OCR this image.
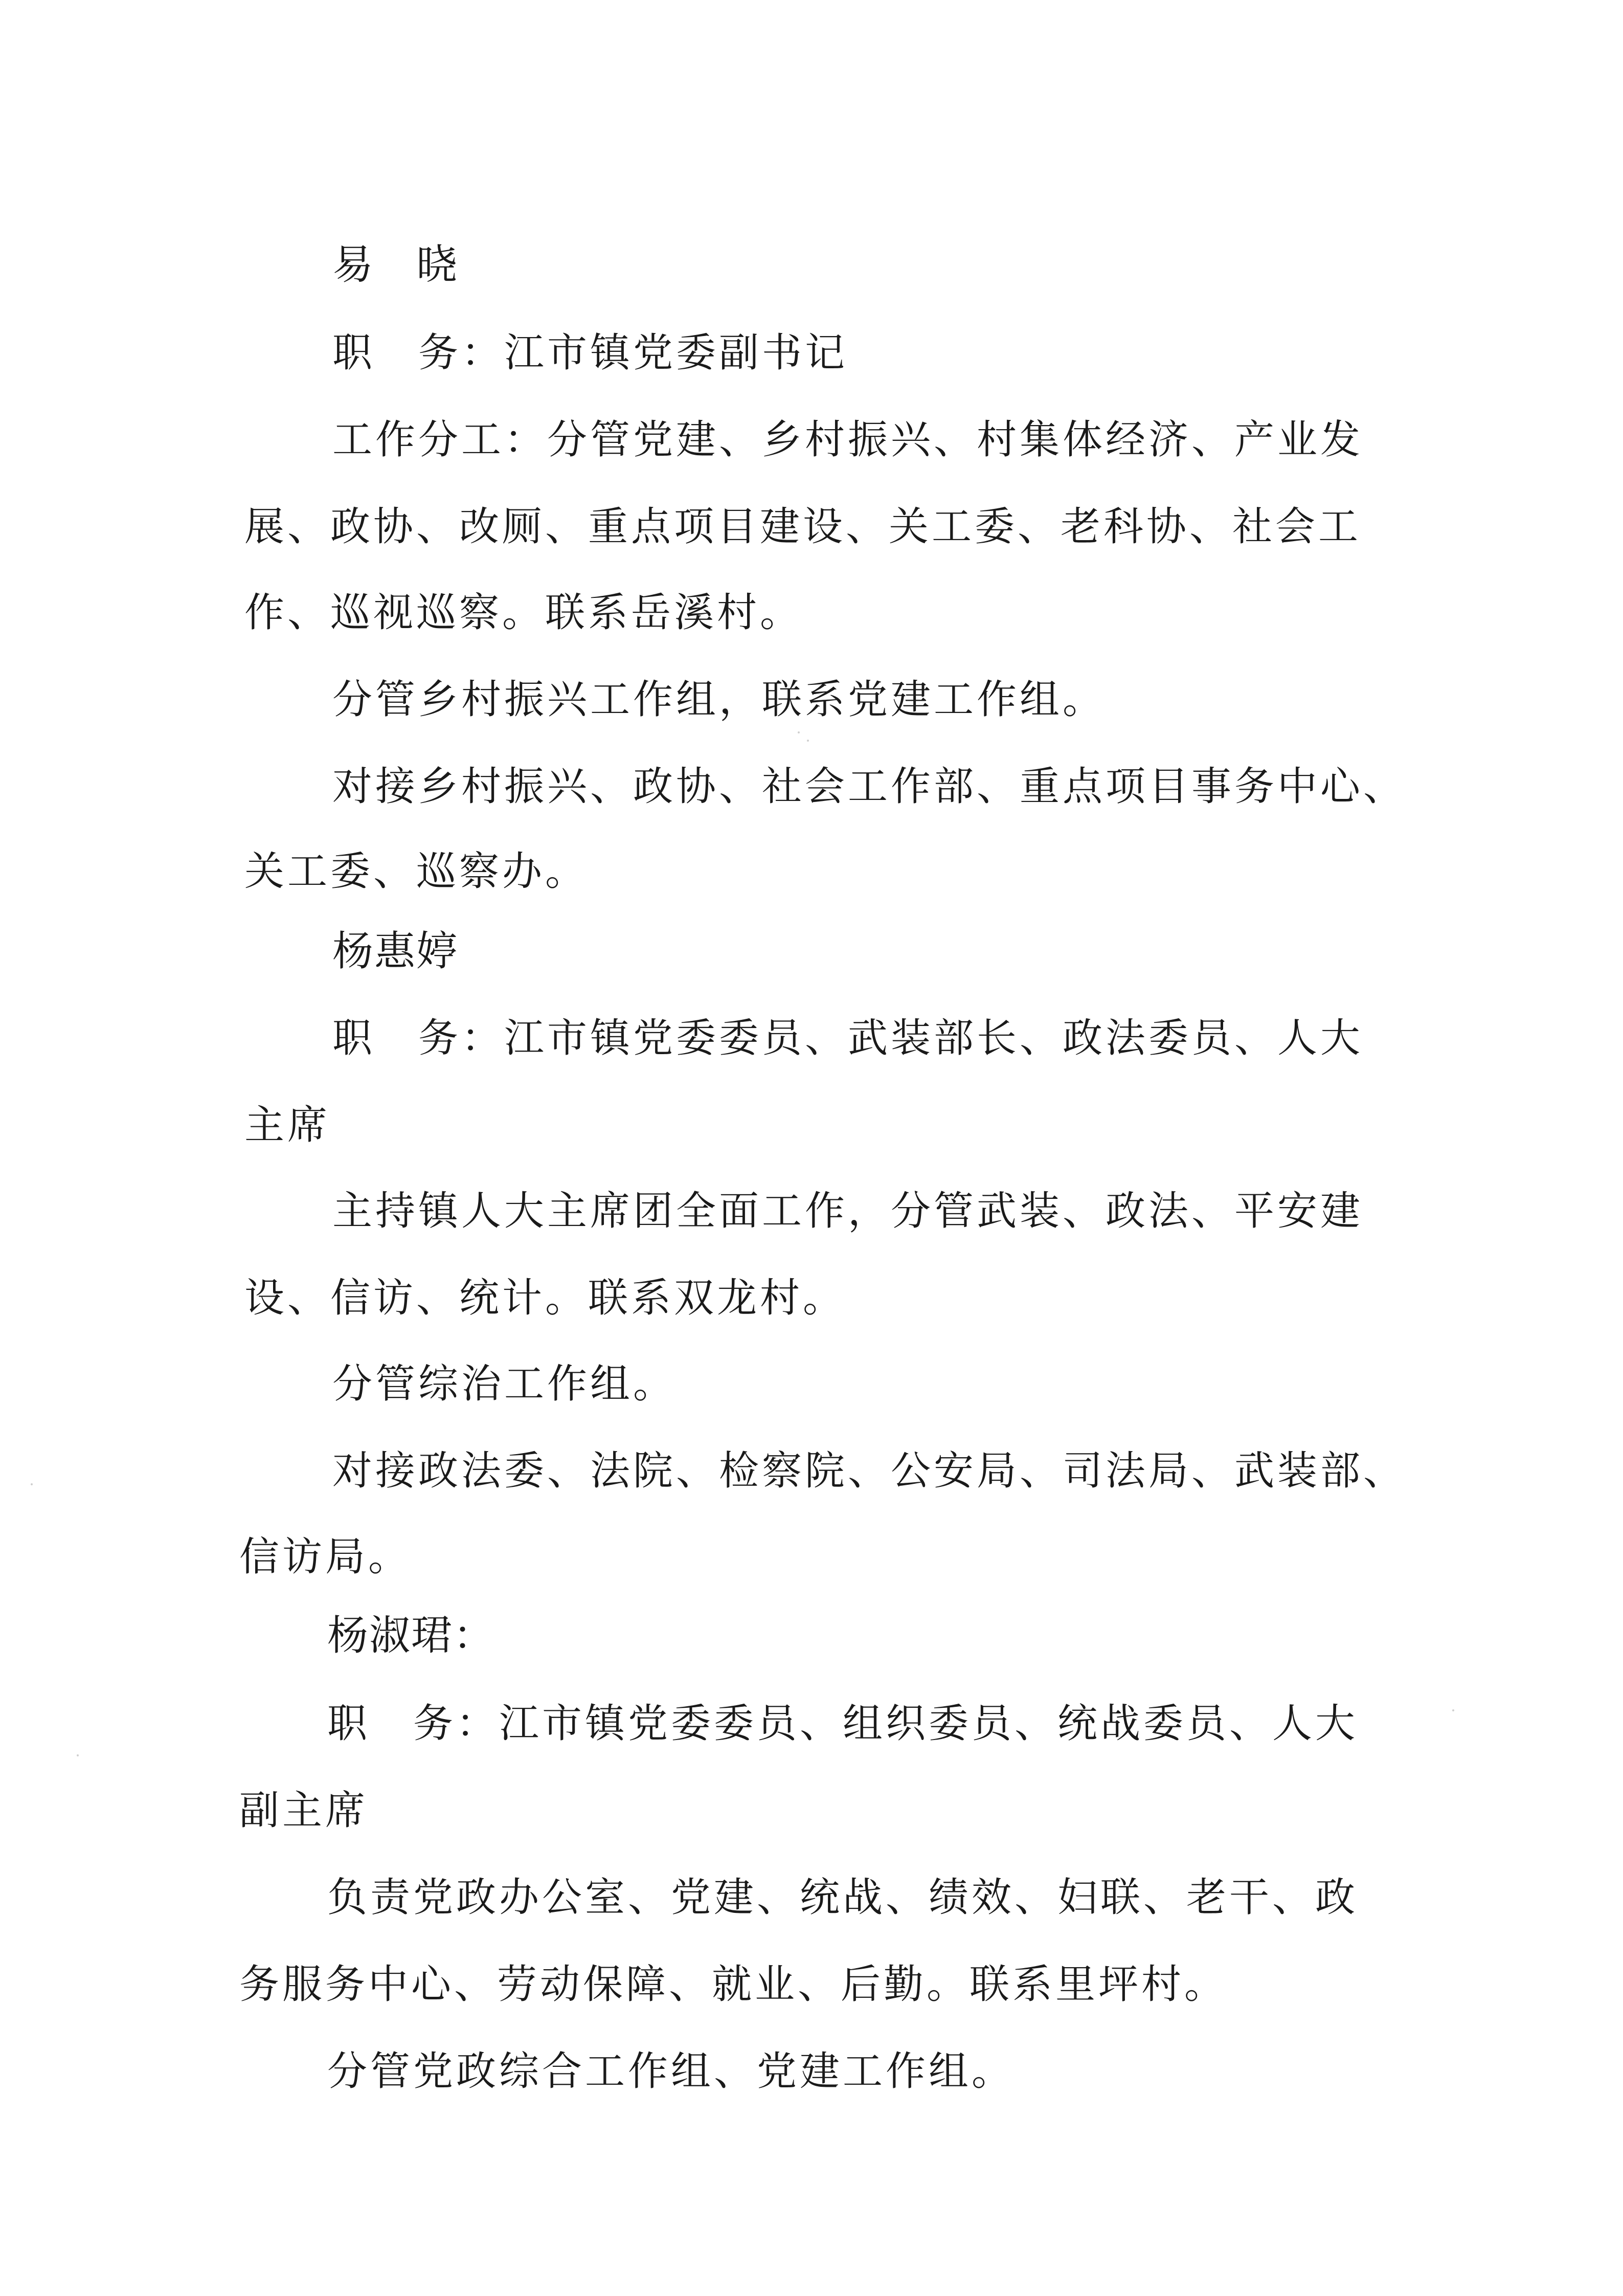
易　晓

职　务：江市镇党委副书记

工作分工：分管党建、乡村振兴、村集体经济、产业发

展、政协、改厕、重点项目建设、关工委、老科协、社会工

作、巡视巡察。联系岳溪村。

分管乡村振兴工作组，联系党建工作组。

对接乡村振兴、政协、社会工作部、重点项目事务中心、

关工委、巡察办。

杨惠婷

职　务：江市镇党委委员、武装部长、政法委员、人大

主席

主持镇人大主席团全面工作，分管武装、政法、平安建

设、信访、统计。联系双龙村。

分管综治工作组。

对接政法委、法院、检察院、公安局、司法局、武装部、

信访局。

杨淑珺：

职　务：江市镇党委委员、组织委员、统战委员、人大

副主席

负责党政办公室、党建、统战、绩效、妇联、老干、政

务服务中心、劳动保障、就业、后勤。联系里坪村。

分管党政综合工作组、党建工作组。
